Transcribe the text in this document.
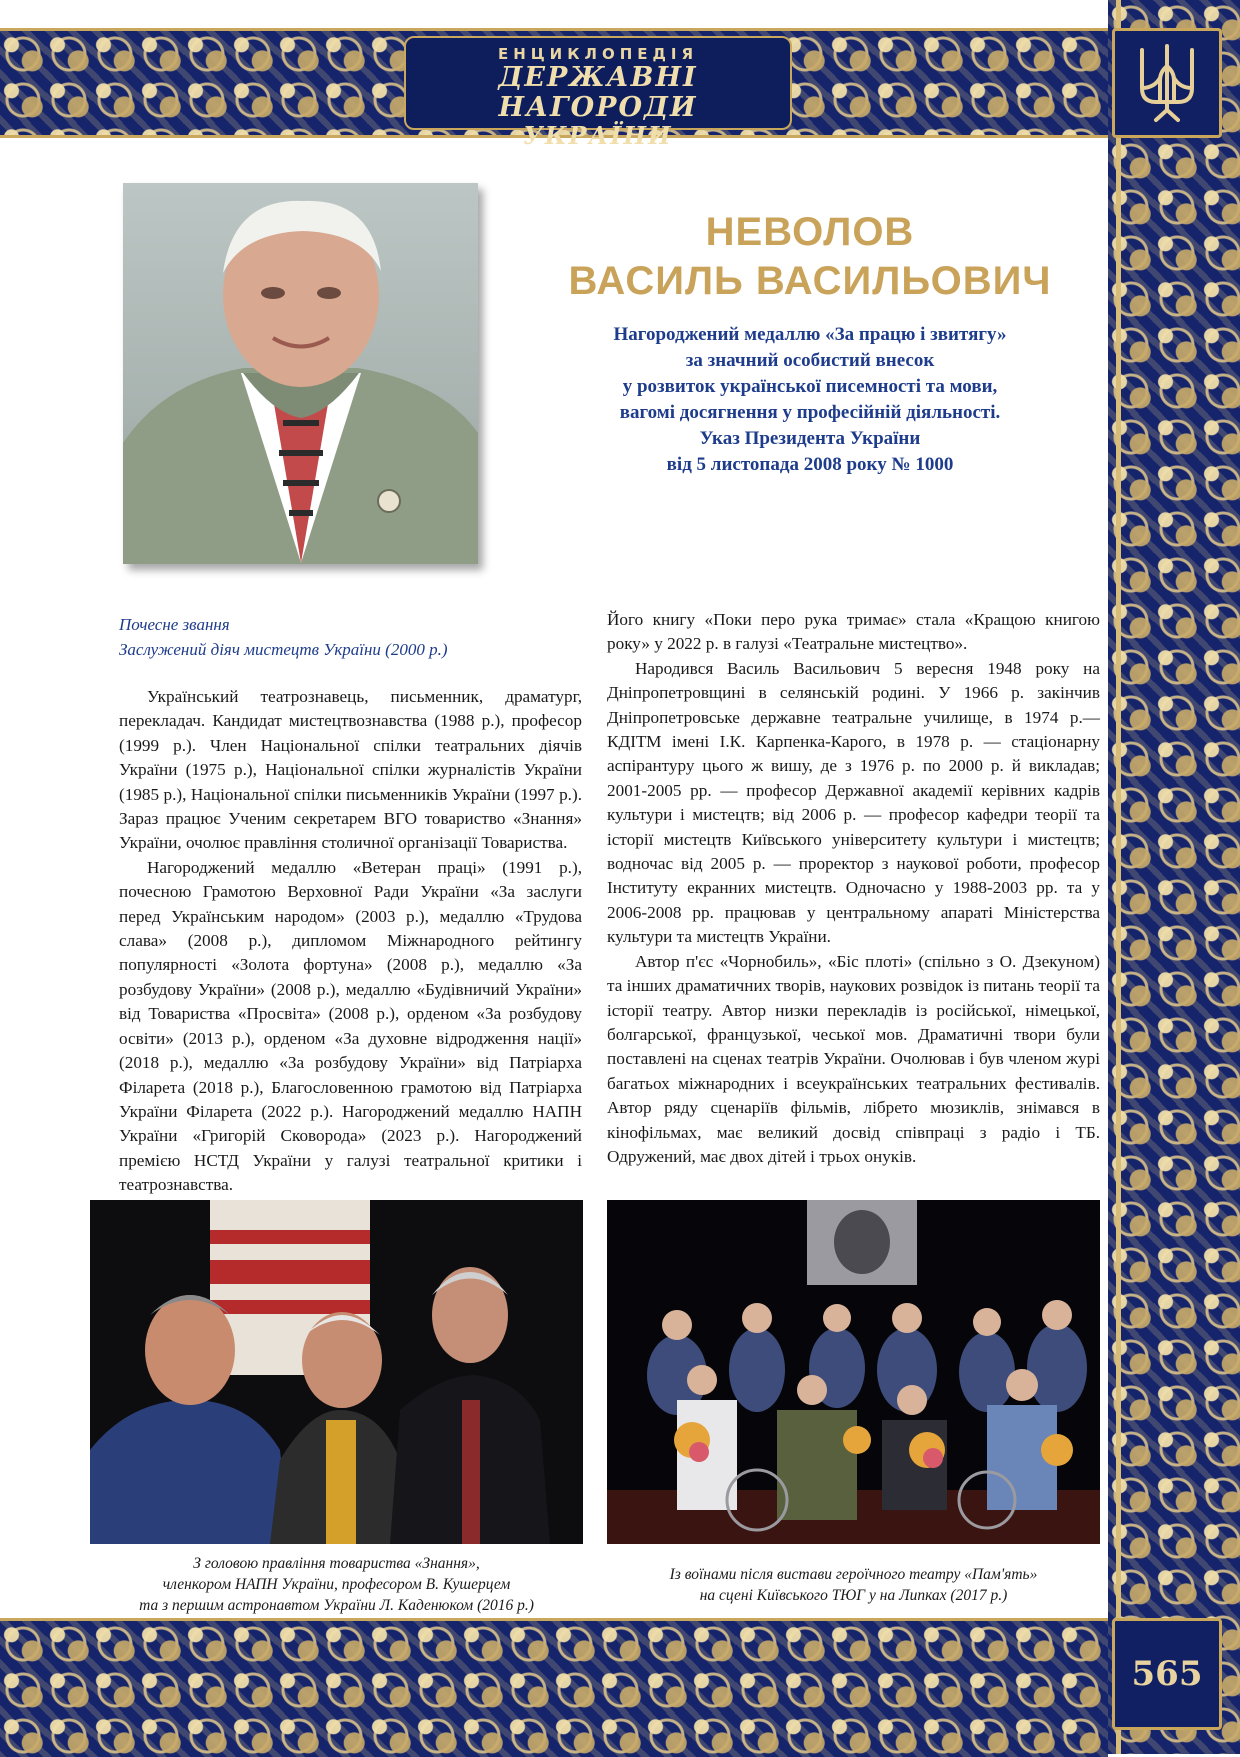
ЕНЦИКЛОПЕДІЯ
ДЕРЖАВНІ НАГОРОДИ
УКРАЇНИ
565
НЕВОЛОВ
ВАСИЛЬ ВАСИЛЬОВИЧ
Нагороджений медаллю «За працю і звитягу»
за значний особистий внесок
у розвиток української писемності та мови,
вагомі досягнення у професійній діяльності.
Указ Президента України
від 5 листопада 2008 року № 1000
Почесне звання
Заслужений діяч мистецтв України (2000 р.)

Український театрознавець, письменник, драматург, перекладач. Кандидат мистецтвознавства (1988 р.), професор (1999 р.). Член Національної спілки театральних діячів України (1975 р.), Національної спілки журналістів України (1985 р.), Національної спілки письменників України (1997 р.). Зараз працює Ученим секретарем ВГО товариство «Знання» України, очолює правління столичної організації Товариства.

Нагороджений медаллю «Ветеран праці» (1991 р.), почесною Грамотою Верховної Ради України «За заслуги перед Українським народом» (2003 р.), медаллю «Трудова слава» (2008 р.), дипломом Міжнародного рейтингу популярності «Золота фортуна» (2008 р.), медаллю «За розбудову України» (2008 р.), медаллю «Будівничий України» від Товариства «Просвіта» (2008 р.), орденом «За розбудову освіти» (2013 р.), орденом «За духовне відродження нації» (2018 р.), медаллю «За розбудову України» від Патріарха Філарета (2018 р.), Благословенною грамотою від Патріарха України Філарета (2022 р.). Нагороджений медаллю НАПН України «Григорій Сковорода» (2023 р.). Нагороджений премією НСТД України у галузі театральної критики і театрознавства.

Його книгу «Поки перо рука тримає» стала «Кращою книгою року» у 2022 р. в галузі «Театральне мистецтво».

Народився Василь Васильович 5 вересня 1948 року на Дніпропетровщині в селянській родині. У 1966 р. закінчив Дніпропетровське державне театральне училище, в 1974 р.— КДІТМ імені І.К. Карпенка-Карого, в 1978 р. — стаціонарну аспірантуру цього ж вишу, де з 1976 р. по 2000 р. й викладав; 2001-2005 рр. — професор Державної академії керівних кадрів культури і мистецтв; від 2006 р. — професор кафедри теорії та історії мистецтв Київського університету культури і мистецтв; водночас від 2005 р. — проректор з наукової роботи, професор Інституту екранних мистецтв. Одночасно у 1988-2003 рр. та у 2006-2008 рр. працював у центральному апараті Міністерства культури та мистецтв України.

Автор п'єс «Чорнобиль», «Біс плоті» (спільно з О. Дзекуном) та інших драматичних творів, наукових розвідок із питань теорії та історії театру. Автор низки перекладів із російської, німецької, болгарської, французької, чеської мов. Драматичні твори були поставлені на сценах театрів України. Очолював і був членом журі багатьох міжнародних і всеукраїнських театральних фестивалів. Автор ряду сценаріїв фільмів, лібрето мюзиклів, знімався в кінофільмах, має великий досвід співпраці з радіо і ТБ. Одружений, має двох дітей і трьох онуків.

З головою правління товариства «Знання»,
членкором НАПН України, професором В. Кушерцем
та з першим астронавтом України Л. Каденюком (2016 р.)
Із воїнами після вистави героїчного театру «Пам'ять»
на сцені Київського ТЮГ у на Липках (2017 р.)
